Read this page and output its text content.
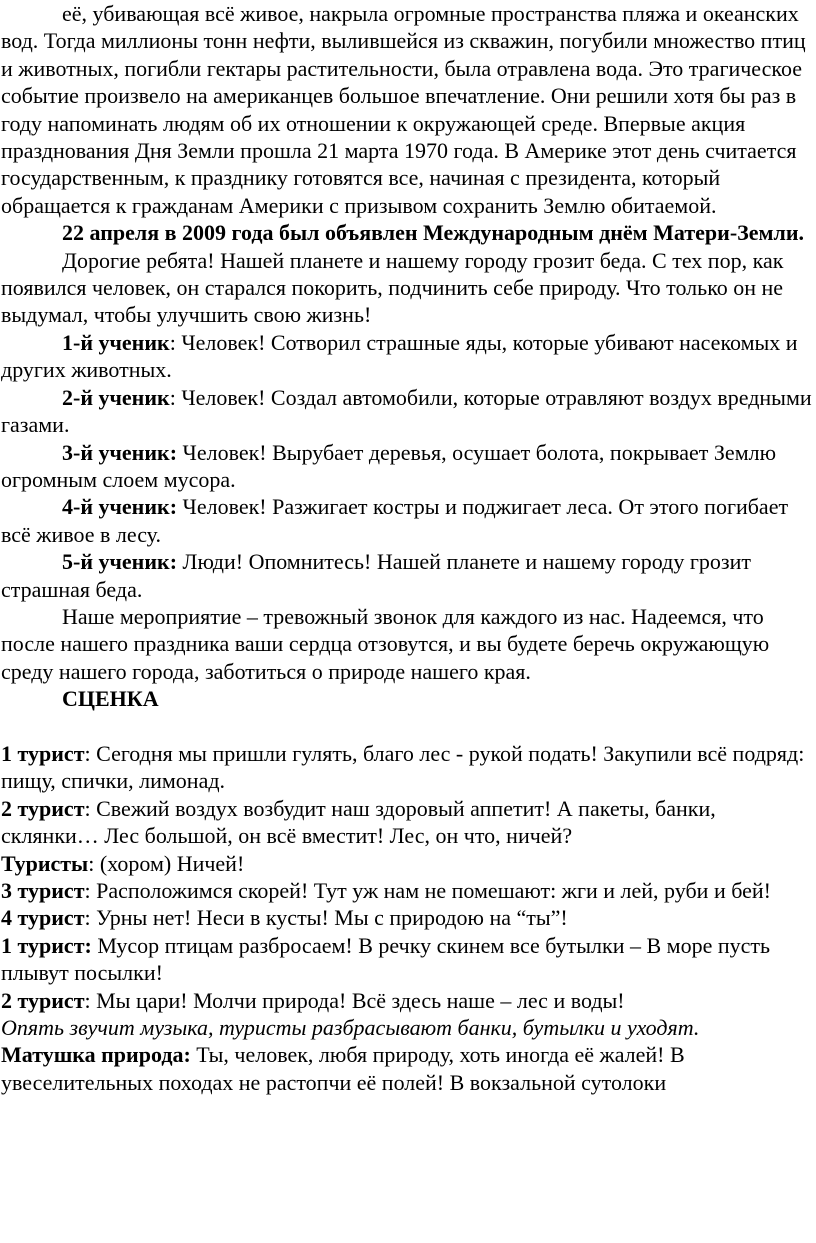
её, убивающая всё живое, накрыла огромные пространства пляжа и океанских вод. Тогда миллионы тонн нефти, вылившейся из скважин, погубили множество птиц и животных, погибли гектары растительности, была отравлена вода. Это трагическое событие произвело на американцев большое впечатление. Они решили хотя бы раз в году напоминать людям об их отношении к окружающей среде. Впервые акция празднования Дня Земли прошла 21 марта 1970 года. В Америке этот день считается государственным, к празднику готовятся все, начиная с президента, который обращается к гражданам Америки с призывом сохранить Землю обитаемой.

22 апреля в 2009 года был объявлен Международным днём Матери-Земли.

Дорогие ребята! Нашей планете и нашему городу грозит беда. С тех пор, как появился человек, он старался покорить, подчинить себе природу. Что только он не выдумал, чтобы улучшить свою жизнь!

1-й ученик: Человек! Сотворил страшные яды, которые убивают насекомых и других животных.

2-й ученик: Человек! Создал автомобили, которые отравляют воздух вредными газами.

3-й ученик: Человек! Вырубает деревья, осушает болота, покрывает Землю огромным слоем мусора.

4-й ученик: Человек! Разжигает костры и поджигает леса. От этого погибает всё живое в лесу.

5-й ученик: Люди! Опомнитесь! Нашей планете и нашему городу грозит страшная беда.

Наше мероприятие – тревожный звонок для каждого из нас. Надеемся, что после нашего праздника ваши сердца отзовутся, и вы будете беречь окружающую среду нашего города, заботиться о природе нашего края.

СЦЕНКА

1 турист: Сегодня мы пришли гулять, благо лес - рукой подать! Закупили всё подряд: пищу, спички, лимонад.

2 турист: Свежий воздух возбудит наш здоровый аппетит! А пакеты, банки, склянки… Лес большой, он всё вместит! Лес, он что, ничей?

Туристы: (хором) Ничей!

3 турист: Расположимся скорей! Тут уж нам не помешают: жги и лей, руби и бей!

4 турист: Урны нет! Неси в кусты! Мы с природою на “ты”!

1 турист: Мусор птицам разбросаем! В речку скинем все бутылки – В море пусть плывут посылки!

2 турист: Мы цари! Молчи природа! Всё здесь наше – лес и воды!

Опять звучит музыка, туристы разбрасывают банки, бутылки и уходят.

Матушка природа: Ты, человек, любя природу, хоть иногда её жалей! В увеселительных походах не растопчи её полей! В вокзальной сутолоки
